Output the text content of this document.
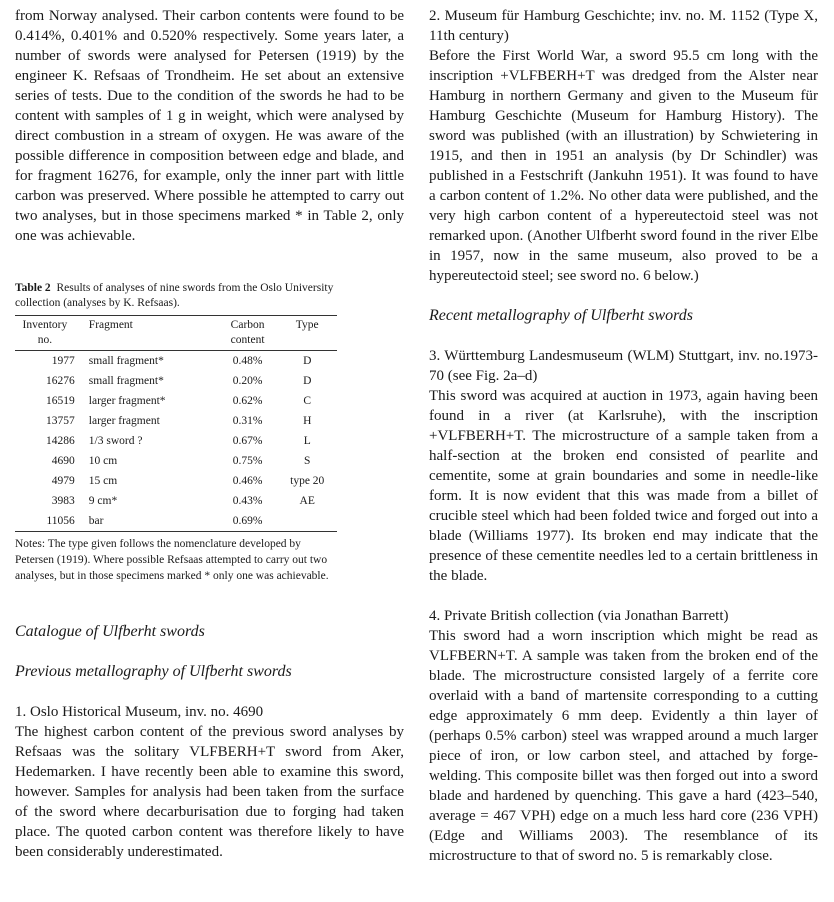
from Norway analysed. Their carbon contents were found to be 0.414%, 0.401% and 0.520% respectively. Some years later, a number of swords were analysed for Petersen (1919) by the engineer K. Refsaas of Trondheim. He set about an extensive series of tests. Due to the condition of the swords he had to be content with samples of 1 g in weight, which were analysed by direct combustion in a stream of oxygen. He was aware of the possible difference in composition between edge and blade, and for fragment 16276, for example, only the inner part with little carbon was preserved. Where possible he attempted to carry out two analyses, but in those specimens marked * in Table 2, only one was achievable.

Table 2 Results of analyses of nine swords from the Oslo University collection (analyses by K. Refsaas).
Inventory no.	Fragment	Carbon content	Type
1977	small fragment*	0.48%	D
16276	small fragment*	0.20%	D
16519	larger fragment*	0.62%	C
13757	larger fragment	0.31%	H
14286	1/3 sword ?	0.67%	L
4690	10 cm	0.75%	S
4979	15 cm	0.46%	type 20
3983	9 cm*	0.43%	AE
11056	bar	0.69%	
Notes: The type given follows the nomenclature developed by Petersen (1919). Where possible Refsaas attempted to carry out two analyses, but in those specimens marked * only one was achievable.

Catalogue of Ulfberht swords

Previous metallography of Ulfberht swords

1. Oslo Historical Museum, inv. no. 4690

The highest carbon content of the previous sword analyses by Refsaas was the solitary VLFBERH+T sword from Aker, Hedemarken. I have recently been able to examine this sword, however. Samples for analysis had been taken from the surface of the sword where decarburisation due to forging had taken place. The quoted carbon content was therefore likely to have been considerably underestimated.

2. Museum für Hamburg Geschichte; inv. no. M. 1152 (Type X, 11th century)

Before the First World War, a sword 95.5 cm long with the inscription +VLFBERH+T was dredged from the Alster near Hamburg in northern Germany and given to the Museum für Hamburg Geschichte (Museum for Hamburg History). The sword was published (with an illustration) by Schwietering in 1915, and then in 1951 an analysis (by Dr Schindler) was published in a Festschrift (Jankuhn 1951). It was found to have a carbon content of 1.2%. No other data were published, and the very high carbon content of a hypereutectoid steel was not remarked upon. (Another Ulfberht sword found in the river Elbe in 1957, now in the same museum, also proved to be a hypereutectoid steel; see sword no. 6 below.)

Recent metallography of Ulfberht swords

3. Württemburg Landesmuseum (WLM) Stuttgart, inv. no.1973-70 (see Fig. 2a–d)

This sword was acquired at auction in 1973, again having been found in a river (at Karlsruhe), with the inscription +VLFBERH+T. The microstructure of a sample taken from a half-section at the broken end consisted of pearlite and cementite, some at grain boundaries and some in needle-like form. It is now evident that this was made from a billet of crucible steel which had been folded twice and forged out into a blade (Williams 1977). Its broken end may indicate that the presence of these cementite needles led to a certain brittleness in the blade.

4. Private British collection (via Jonathan Barrett)

This sword had a worn inscription which might be read as VLFBERN+T. A sample was taken from the broken end of the blade. The microstructure consisted largely of a ferrite core overlaid with a band of martensite corresponding to a cutting edge approximately 6 mm deep. Evidently a thin layer of (perhaps 0.5% carbon) steel was wrapped around a much larger piece of iron, or low carbon steel, and attached by forge-welding. This composite billet was then forged out into a sword blade and hardened by quenching. This gave a hard (423–540, average = 467 VPH) edge on a much less hard core (236 VPH) (Edge and Williams 2003). The resemblance of its microstructure to that of sword no. 5 is remarkably close.
